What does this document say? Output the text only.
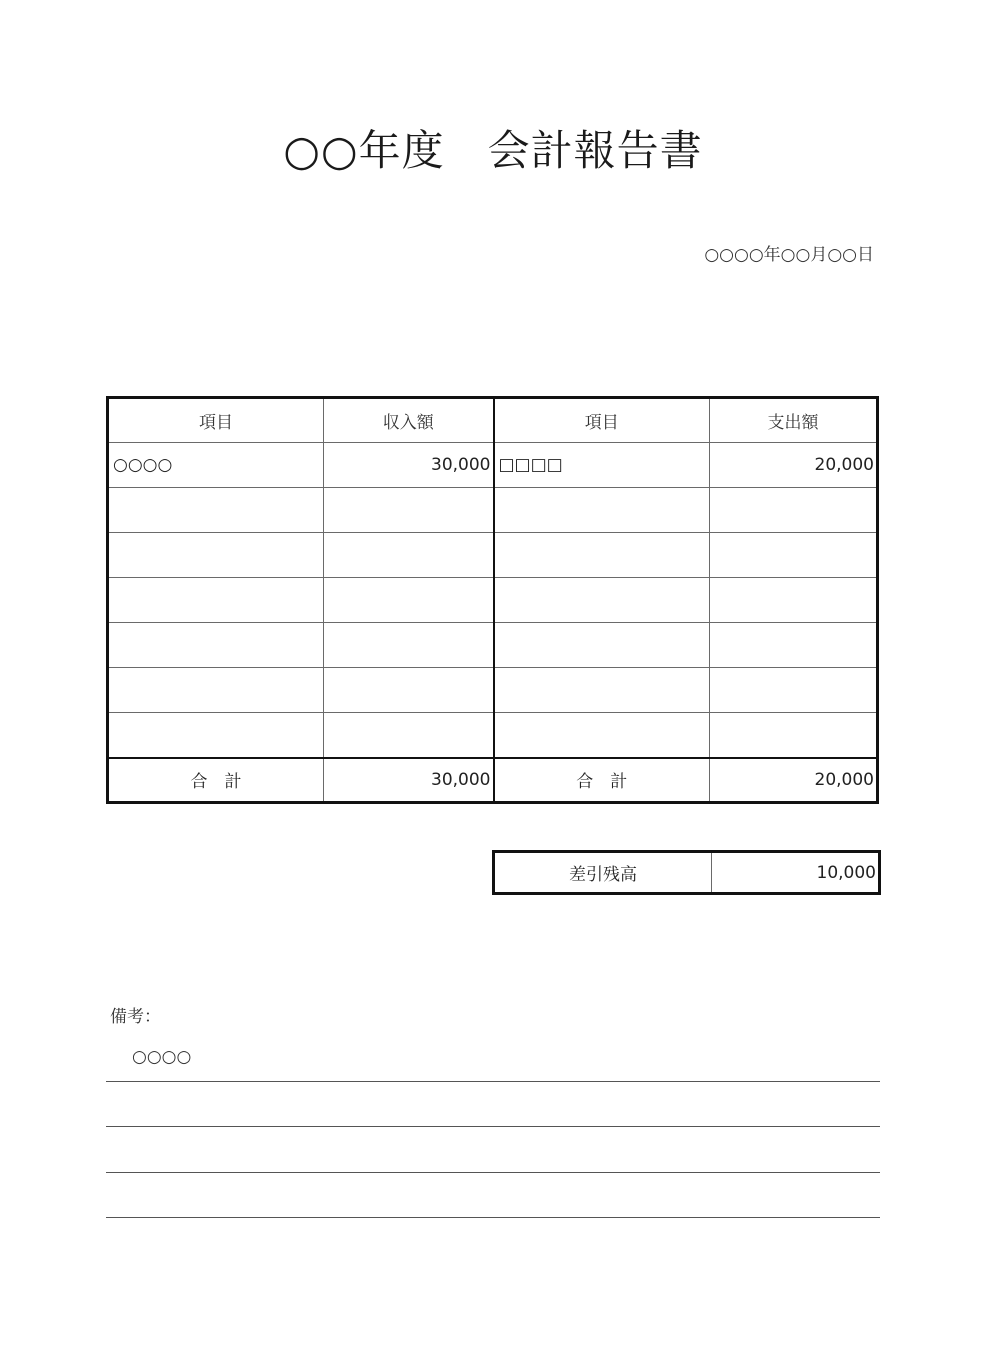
○○年度　会計報告書
○○○○年○○月○○日
項目	収入額	項目	支出額
○○○○	30,000	□□□□	20,000

合　計	30,000	合　計	20,000
差引残高	10,000
備考：
○○○○
